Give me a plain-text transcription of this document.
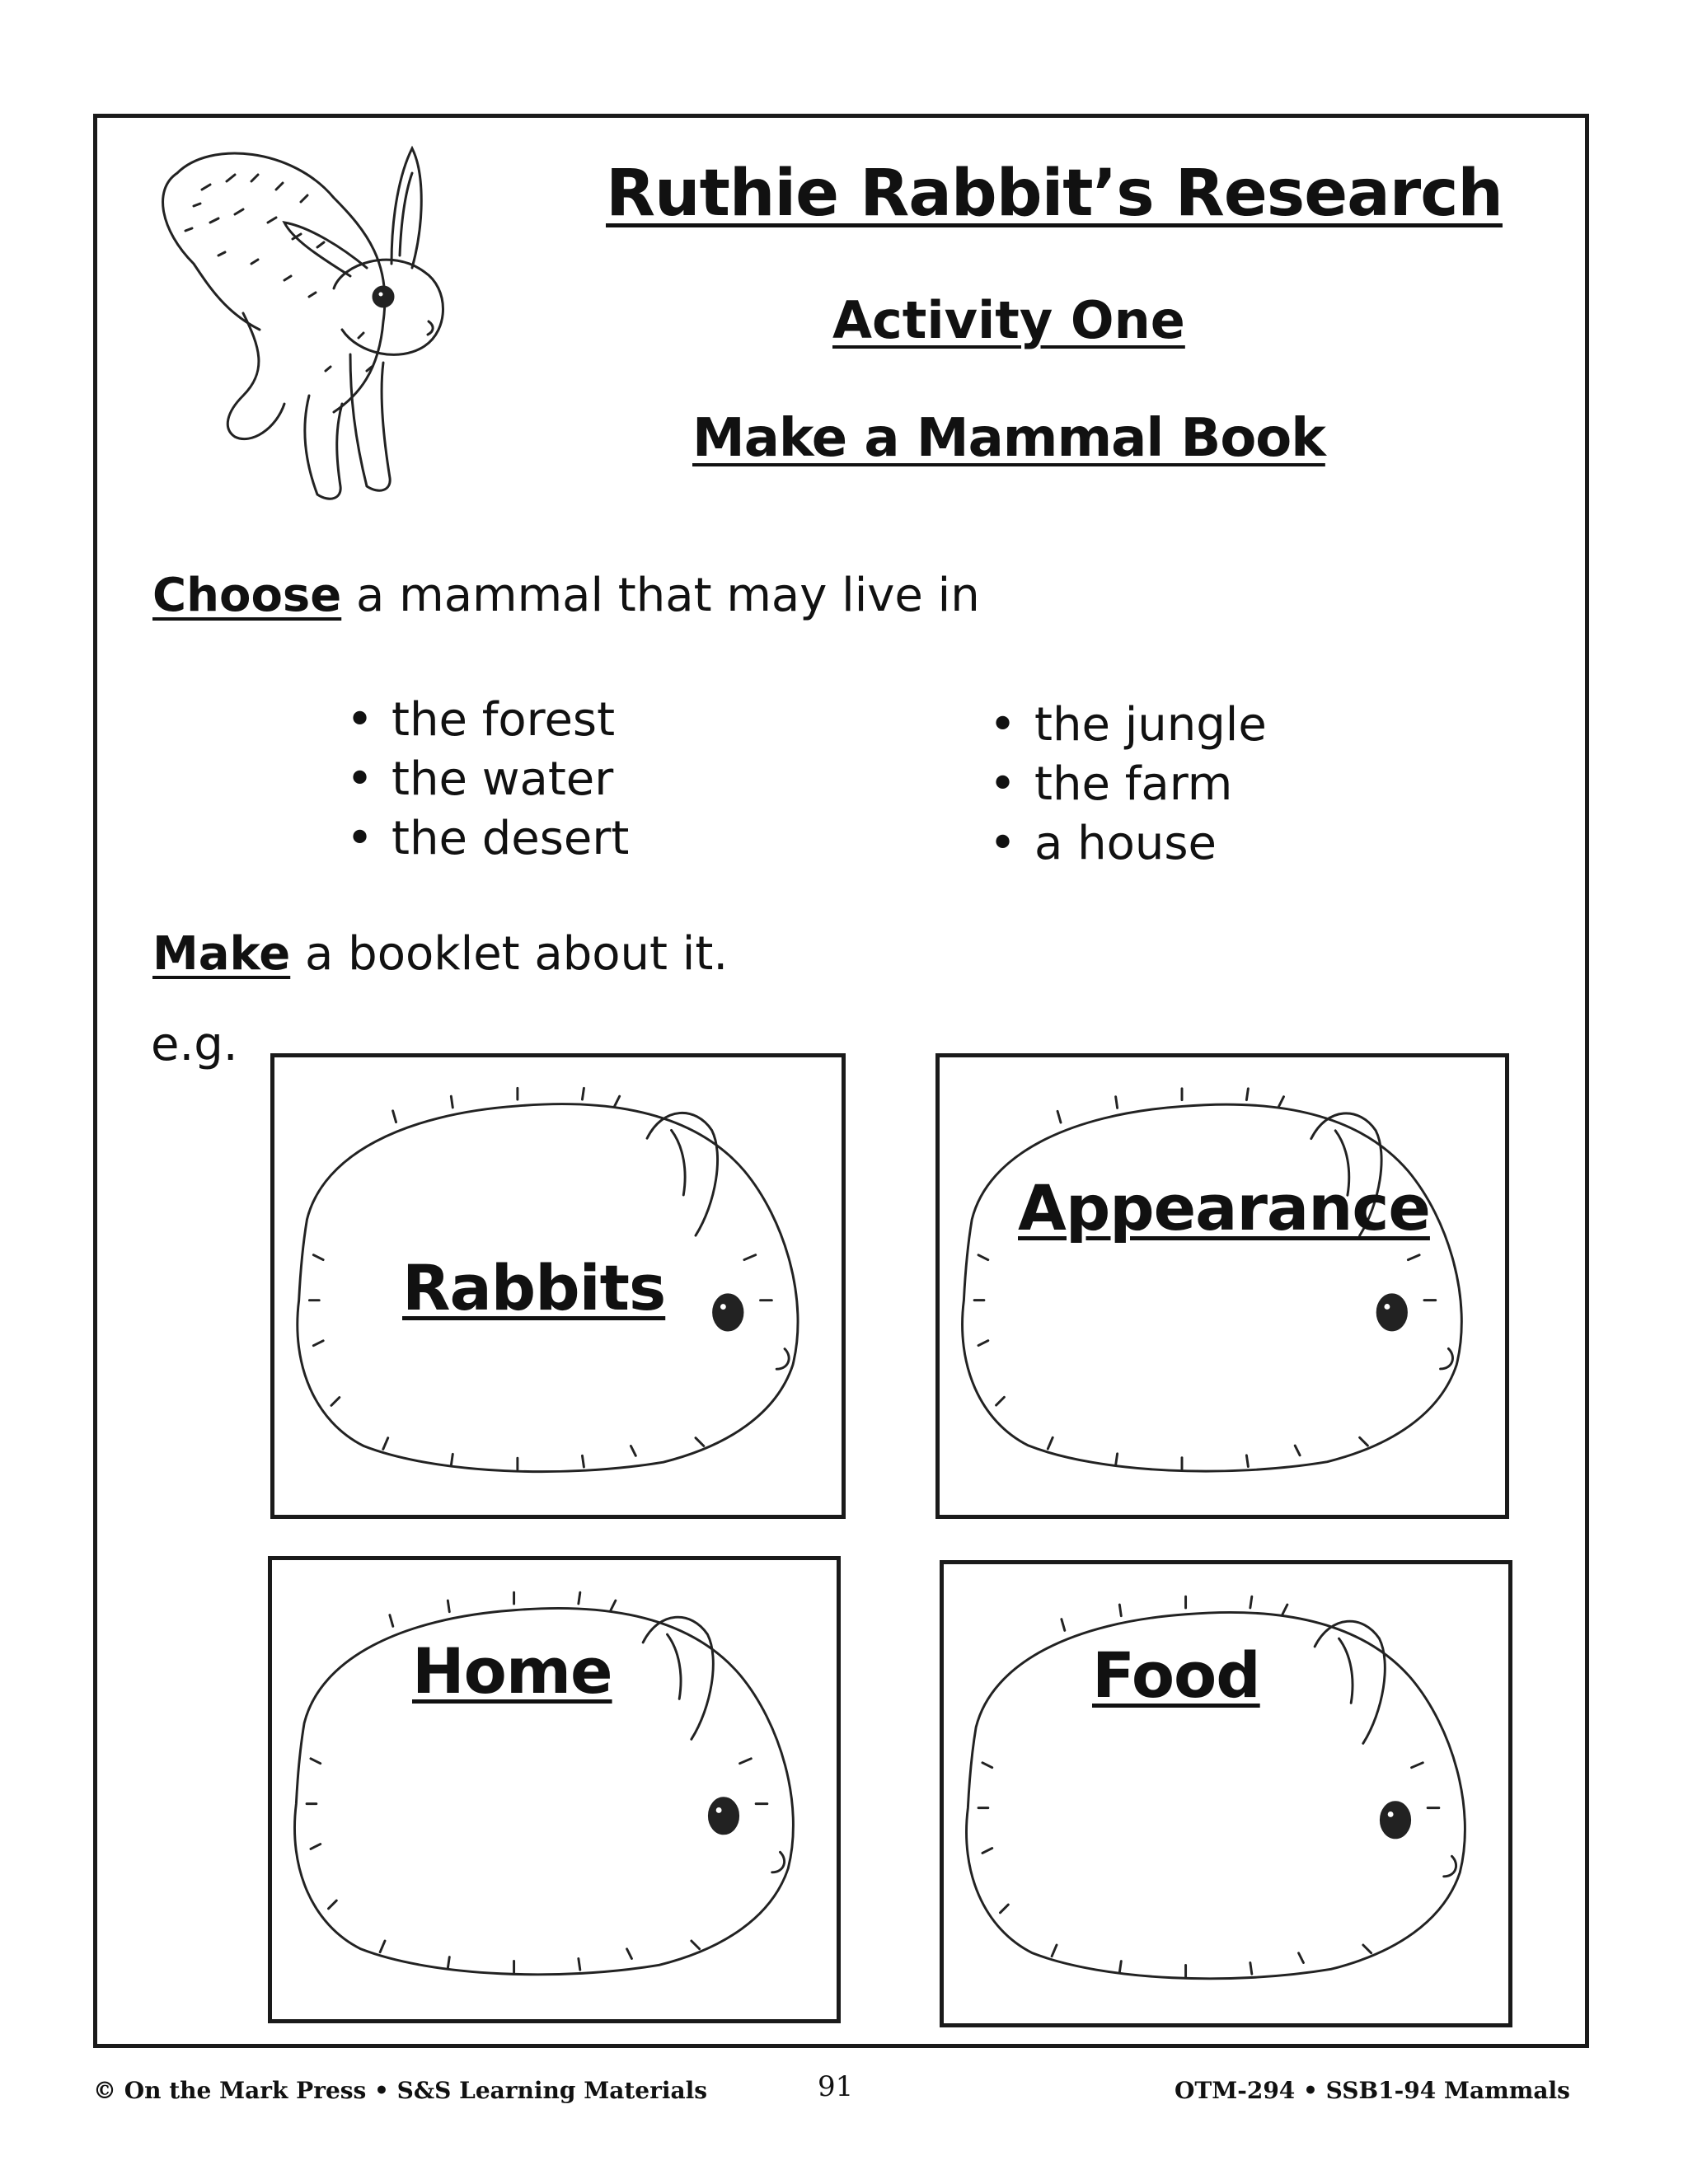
Ruthie Rabbit’s Research
Activity One
Make a Mammal Book
Choose a mammal that may live in
• the forest
• the water
• the desert
• the jungle
• the farm
• a house
Make a booklet about it.
e.g.
Rabbits
Appearance
Home	Food
© On the Mark Press • S&S Learning Materials	91	OTM-294 • SSB1-94 Mammals
